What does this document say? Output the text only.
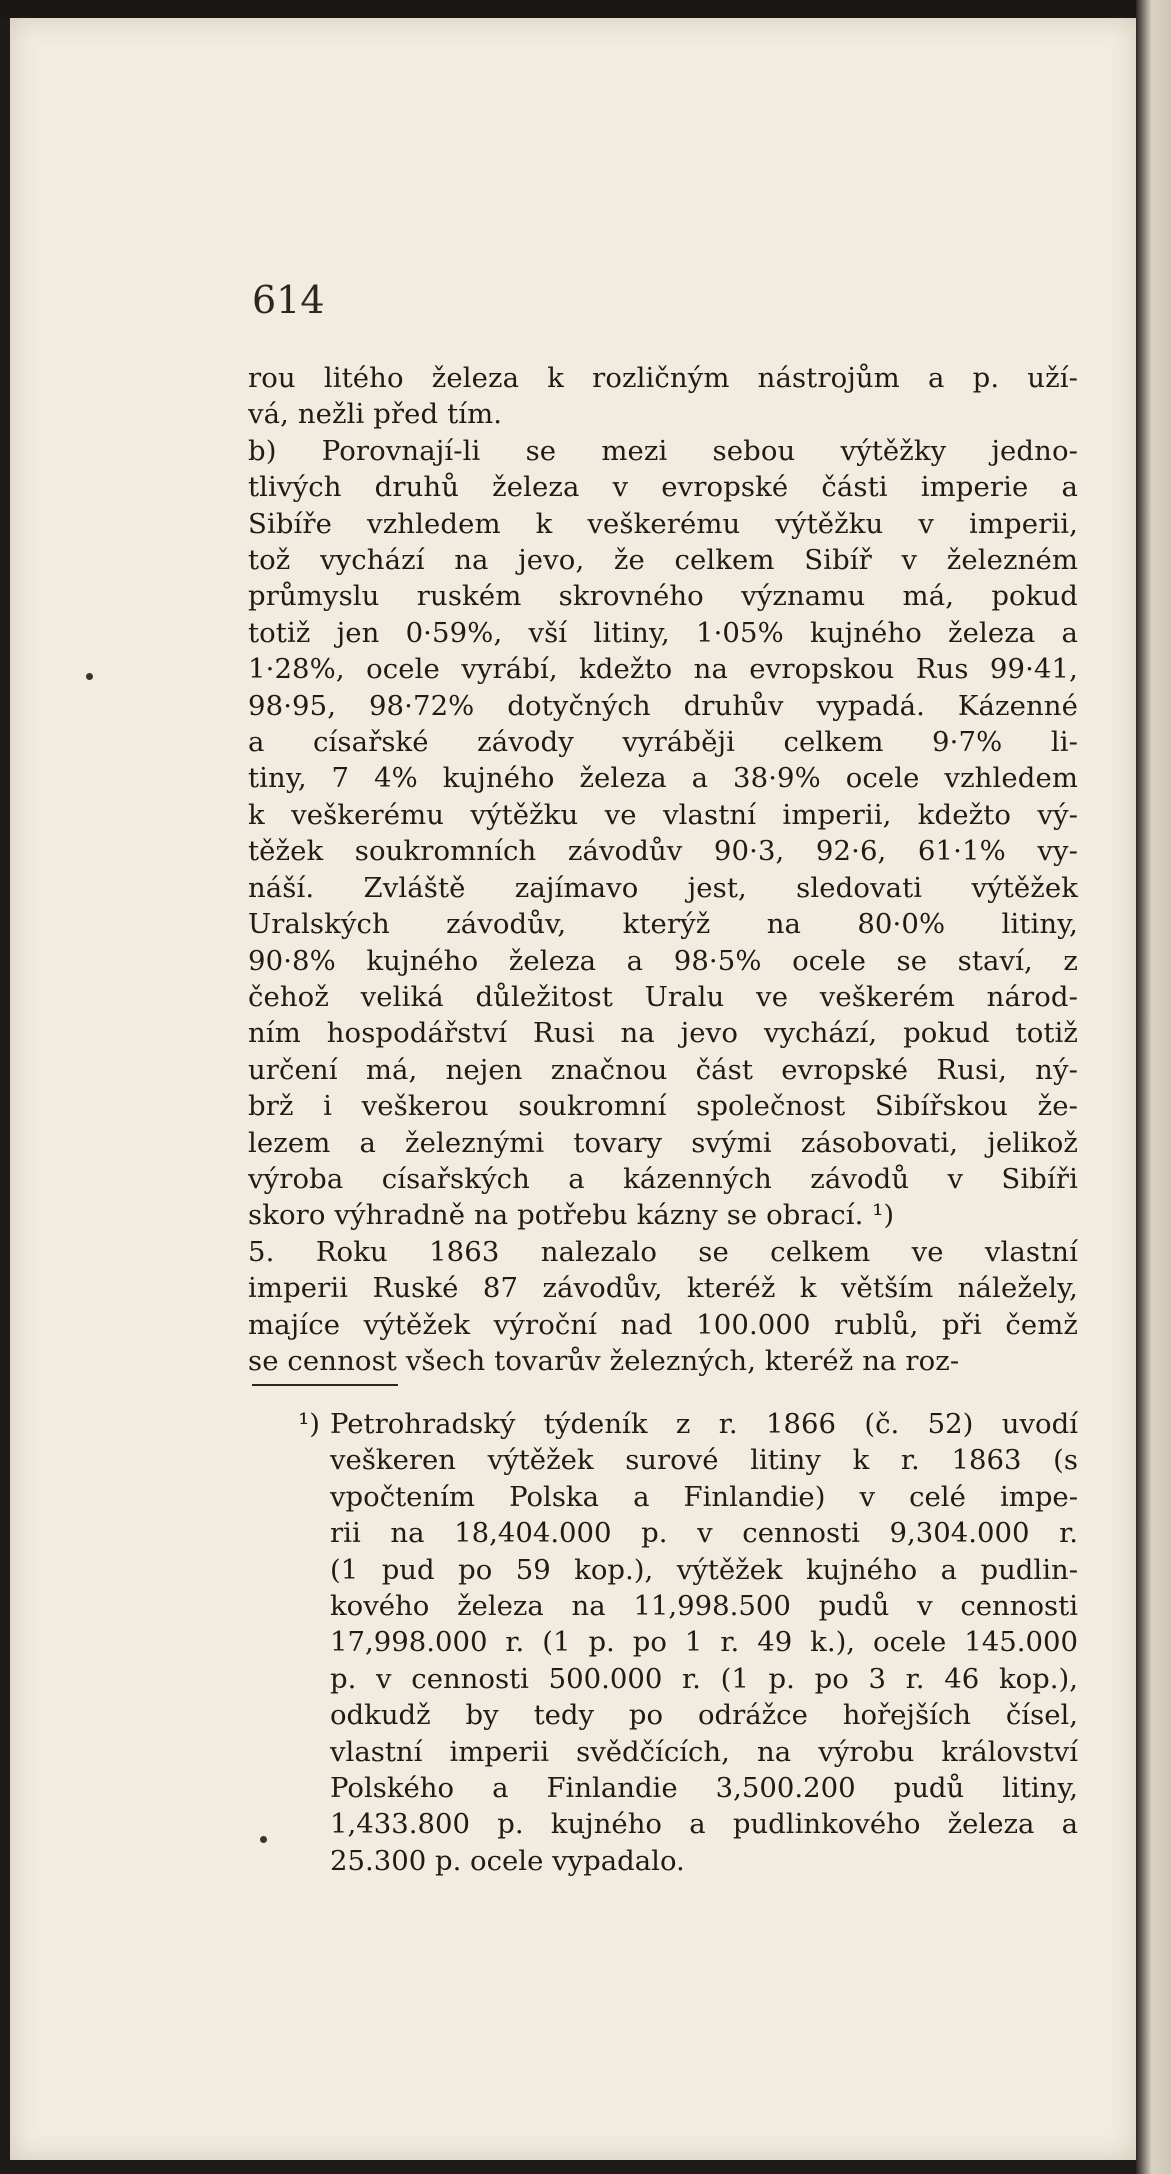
614

rou litého železa k rozličným nástrojům a p. uží-
vá, nežli před tím.
b) Porovnají-li se mezi sebou výtěžky jedno-
tlivých druhů železa v evropské části imperie a
Sibíře vzhledem k veškerému výtěžku v imperii,
tož vychází na jevo, že celkem Sibíř v železném
průmyslu ruském skrovného významu má, pokud
totiž jen 0·59%, vší litiny, 1·05% kujného železa a
1·28%, ocele vyrábí, kdežto na evropskou Rus 99·41,
98·95, 98·72% dotyčných druhův vypadá. Kázenné
a císařské závody vyráběji celkem 9·7% li-
tiny, 7 4% kujného železa a 38·9% ocele vzhledem
k veškerému výtěžku ve vlastní imperii, kdežto vý-
těžek soukromních závodův 90·3, 92·6, 61·1% vy-
náší. Zvláště zajímavo jest, sledovati výtěžek
Uralských závodův, kterýž na 80·0% litiny,
90·8% kujného železa a 98·5% ocele se staví, z
čehož veliká důležitost Uralu ve veškerém národ-
ním hospodářství Rusi na jevo vychází, pokud totiž
určení má, nejen značnou část evropské Rusi, ný-
brž i veškerou soukromní společnost Sibířskou že-
lezem a železnými tovary svými zásobovati, jelikož
výroba císařských a kázenných závodů v Sibíři
skoro výhradně na potřebu kázny se obrací. ¹)
5. Roku 1863 nalezalo se celkem ve vlastní
imperii Ruské 87 závodův, kteréž k větším náležely,
majíce výtěžek výroční nad 100.000 rublů, při čemž
se cennost všech tovarův železných, kteréž na roz-
¹) Petrohradský týdeník z r. 1866 (č. 52) uvodí
veškeren výtěžek surové litiny k r. 1863 (s
vpočtením Polska a Finlandie) v celé impe-
rii na 18,404.000 p. v cennosti 9,304.000 r.
(1 pud po 59 kop.), výtěžek kujného a pudlin-
kového železa na 11,998.500 pudů v cennosti
17,998.000 r. (1 p. po 1 r. 49 k.), ocele 145.000
p. v cennosti 500.000 r. (1 p. po 3 r. 46 kop.),
odkudž by tedy po odrážce hořejších čísel,
vlastní imperii svědčících, na výrobu království
Polského a Finlandie 3,500.200 pudů litiny,
1,433.800 p. kujného a pudlinkového železa a
25.300 p. ocele vypadalo.
